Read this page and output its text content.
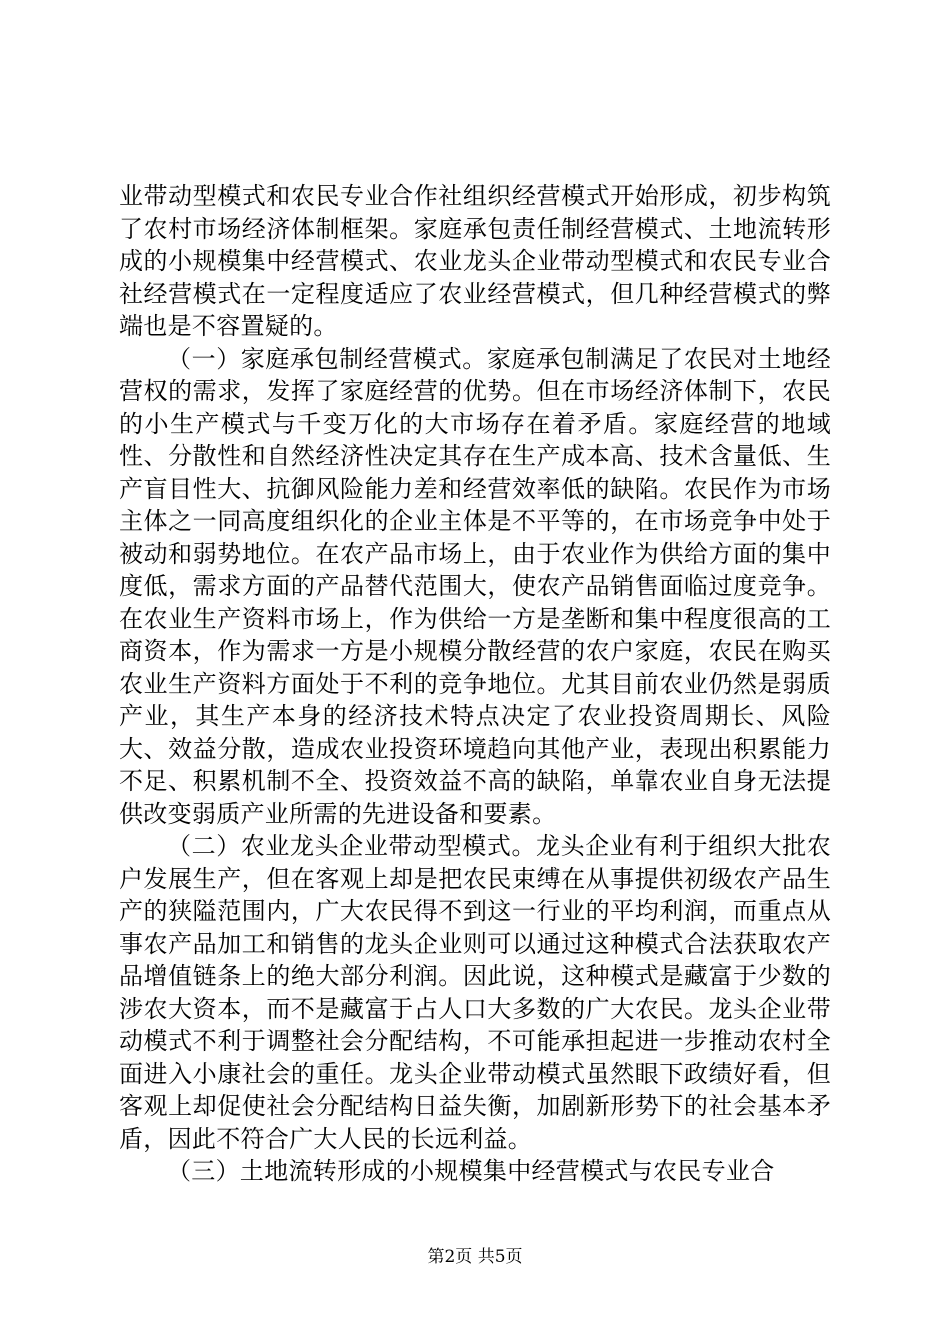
业带动型模式和农民专业合作社组织经营模式开始形成，初步构筑了农村市场经济体制框架。家庭承包责任制经营模式、土地流转形成的小规模集中经营模式、农业龙头企业带动型模式和农民专业合社经营模式在一定程度适应了农业经营模式，但几种经营模式的弊端也是不容置疑的。

（一）家庭承包制经营模式。家庭承包制满足了农民对土地经营权的需求，发挥了家庭经营的优势。但在市场经济体制下，农民的小生产模式与千变万化的大市场存在着矛盾。家庭经营的地域性、分散性和自然经济性决定其存在生产成本高、技术含量低、生产盲目性大、抗御风险能力差和经营效率低的缺陷。农民作为市场主体之一同高度组织化的企业主体是不平等的，在市场竞争中处于被动和弱势地位。在农产品市场上，由于农业作为供给方面的集中度低，需求方面的产品替代范围大，使农产品销售面临过度竞争。在农业生产资料市场上，作为供给一方是垄断和集中程度很高的工商资本，作为需求一方是小规模分散经营的农户家庭，农民在购买农业生产资料方面处于不利的竞争地位。尤其目前农业仍然是弱质产业，其生产本身的经济技术特点决定了农业投资周期长、风险大、效益分散，造成农业投资环境趋向其他产业，表现出积累能力不足、积累机制不全、投资效益不高的缺陷，单靠农业自身无法提供改变弱质产业所需的先进设备和要素。

（二）农业龙头企业带动型模式。龙头企业有利于组织大批农户发展生产，但在客观上却是把农民束缚在从事提供初级农产品生产的狭隘范围内，广大农民得不到这一行业的平均利润，而重点从事农产品加工和销售的龙头企业则可以通过这种模式合法获取农产品增值链条上的绝大部分利润。因此说，这种模式是藏富于少数的涉农大资本，而不是藏富于占人口大多数的广大农民。龙头企业带动模式不利于调整社会分配结构，不可能承担起进一步推动农村全面进入小康社会的重任。龙头企业带动模式虽然眼下政绩好看，但客观上却促使社会分配结构日益失衡，加剧新形势下的社会基本矛盾，因此不符合广大人民的长远利益。

（三）土地流转形成的小规模集中经营模式与农民专业合

第2页 共5页
